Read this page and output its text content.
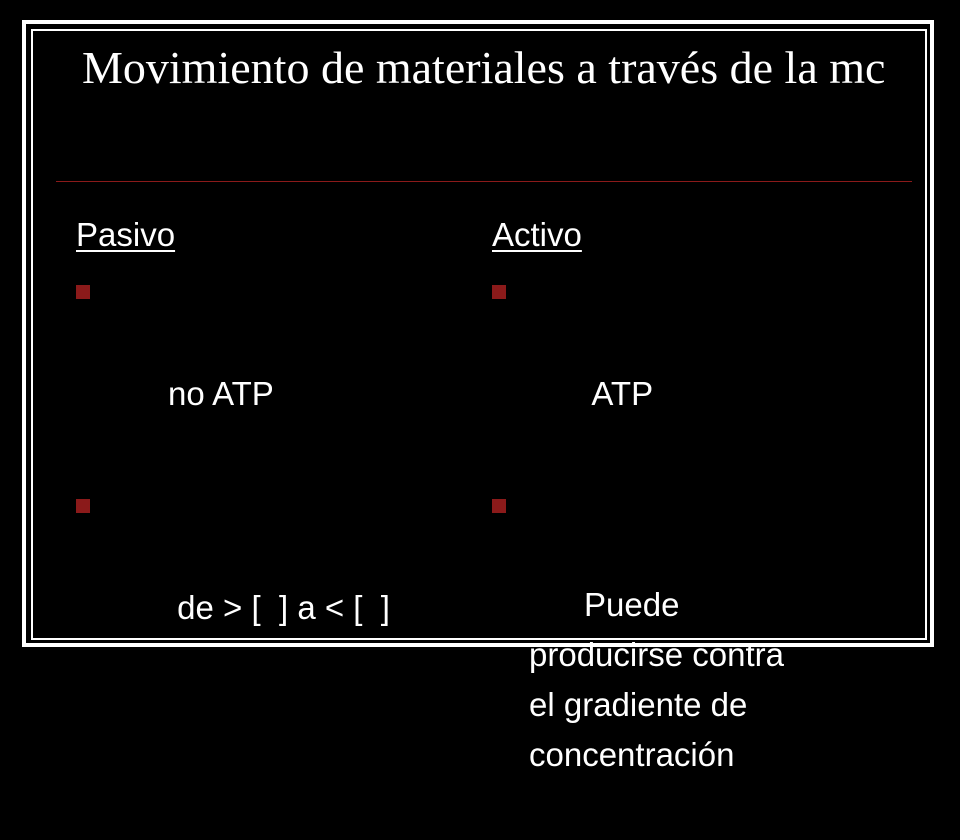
Movimiento de materiales a través de la mc
Pasivo

no ATP

de > [  ] a < [  ]

Activo

ATP

Puede producirse contra el gradiente de concentración
